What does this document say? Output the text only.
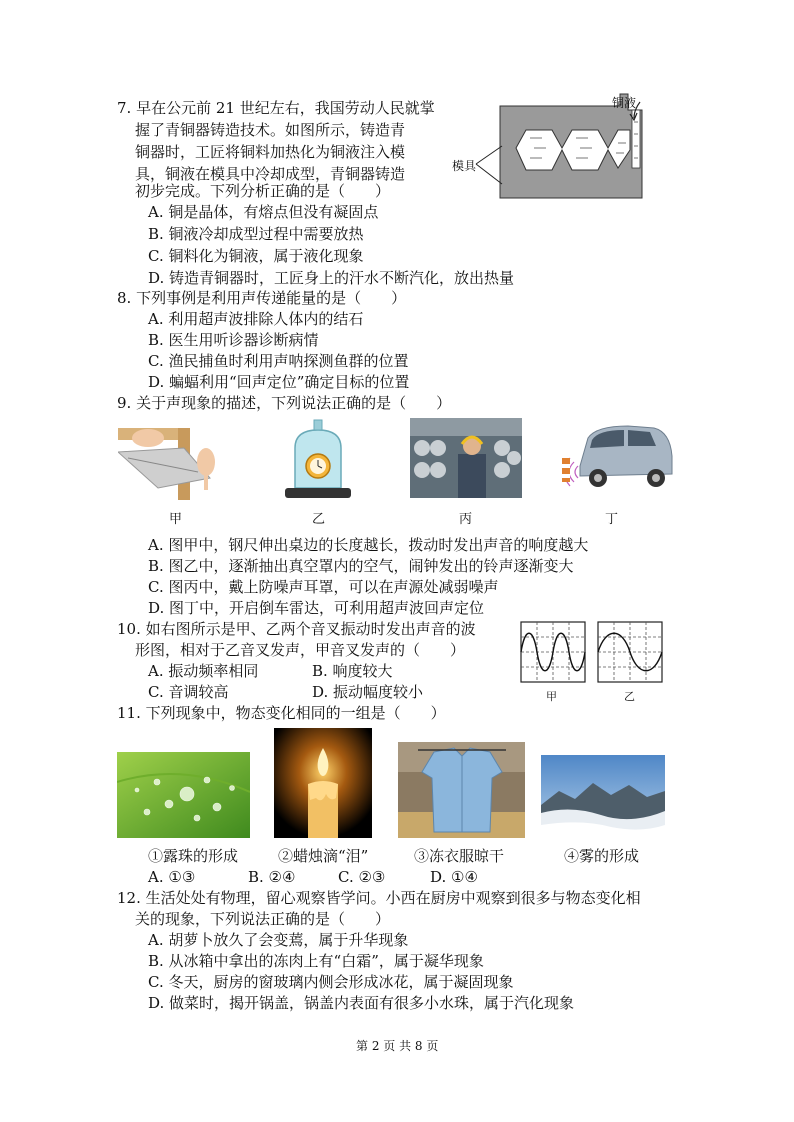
7. 早在公元前 21 世纪左右，我国劳动人民就掌
握了青铜器铸造技术。如图所示，铸造青
铜器时，工匠将铜料加热化为铜液注入模
具，铜液在模具中冷却成型，青铜器铸造
初步完成。下列分析正确的是（　　）
A. 铜是晶体，有熔点但没有凝固点
B. 铜液冷却成型过程中需要放热
C. 铜料化为铜液，属于液化现象
D. 铸造青铜器时，工匠身上的汗水不断汽化，放出热量
铜液
模具
8. 下列事例是利用声传递能量的是（　　）
A. 利用超声波排除人体内的结石
B. 医生用听诊器诊断病情
C. 渔民捕鱼时利用声呐探测鱼群的位置
D. 蝙蝠利用“回声定位”确定目标的位置
9. 关于声现象的描述，下列说法正确的是（　　）
甲	乙	丙	丁
A. 图甲中，钢尺伸出桌边的长度越长，拨动时发出声音的响度越大
B. 图乙中，逐渐抽出真空罩内的空气，闹钟发出的铃声逐渐变大
C. 图丙中，戴上防噪声耳罩，可以在声源处减弱噪声
D. 图丁中，开启倒车雷达，可利用超声波回声定位
10. 如右图所示是甲、乙两个音叉振动时发出声音的波
形图，相对于乙音叉发声，甲音叉发声的（　　）
A. 振动频率相同	B. 响度较大
C. 音调较高	D. 振动幅度较小	甲	乙
11. 下列现象中，物态变化相同的一组是（　　）
①露珠的形成	②蜡烛滴“泪”	③冻衣服晾干	④雾的形成
A. ①③	B. ②④	C. ②③	D. ①④
12. 生活处处有物理，留心观察皆学问。小西在厨房中观察到很多与物态变化相
关的现象，下列说法正确的是（　　）
A. 胡萝卜放久了会变蔫，属于升华现象
B. 从冰箱中拿出的冻肉上有“白霜”，属于凝华现象
C. 冬天，厨房的窗玻璃内侧会形成冰花，属于凝固现象
D. 做菜时，揭开锅盖，锅盖内表面有很多小水珠，属于汽化现象
第 2 页 共 8 页
